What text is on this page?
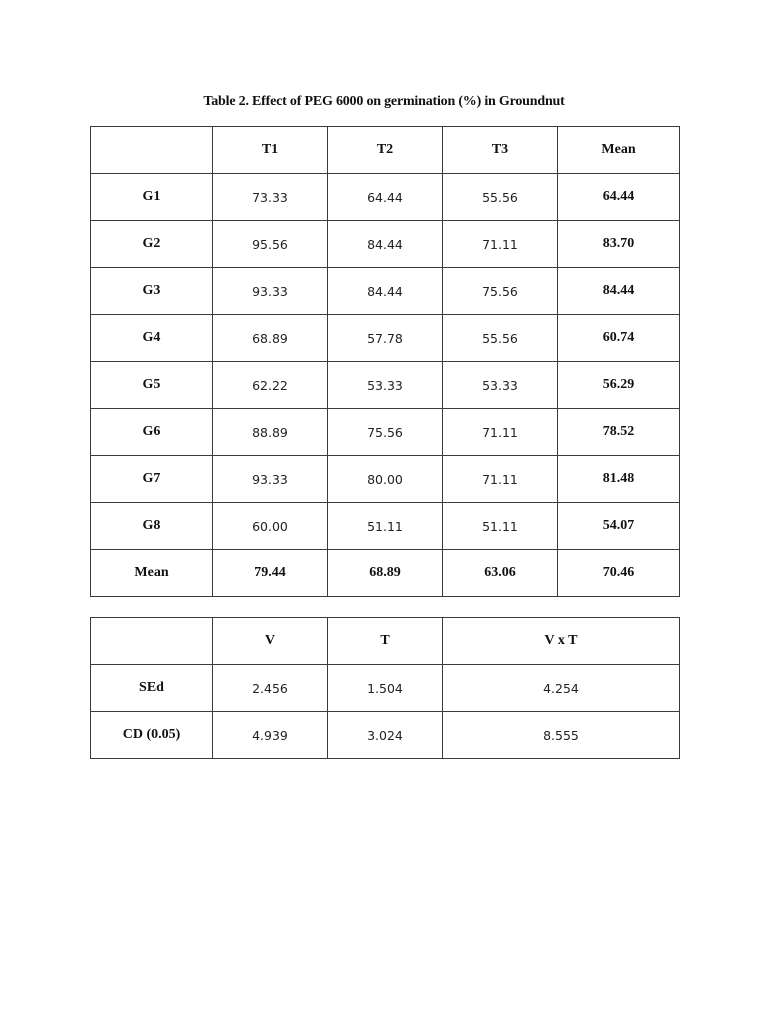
Table 2. Effect of PEG 6000 on germination (%) in Groundnut
	T1	T2	T3	Mean
G1	73.33	64.44	55.56	64.44
G2	95.56	84.44	71.11	83.70
G3	93.33	84.44	75.56	84.44
G4	68.89	57.78	55.56	60.74
G5	62.22	53.33	53.33	56.29
G6	88.89	75.56	71.11	78.52
G7	93.33	80.00	71.11	81.48
G8	60.00	51.11	51.11	54.07
Mean	79.44	68.89	63.06	70.46
	V	T	V x T
SEd	2.456	1.504	4.254
CD (0.05)	4.939	3.024	8.555
